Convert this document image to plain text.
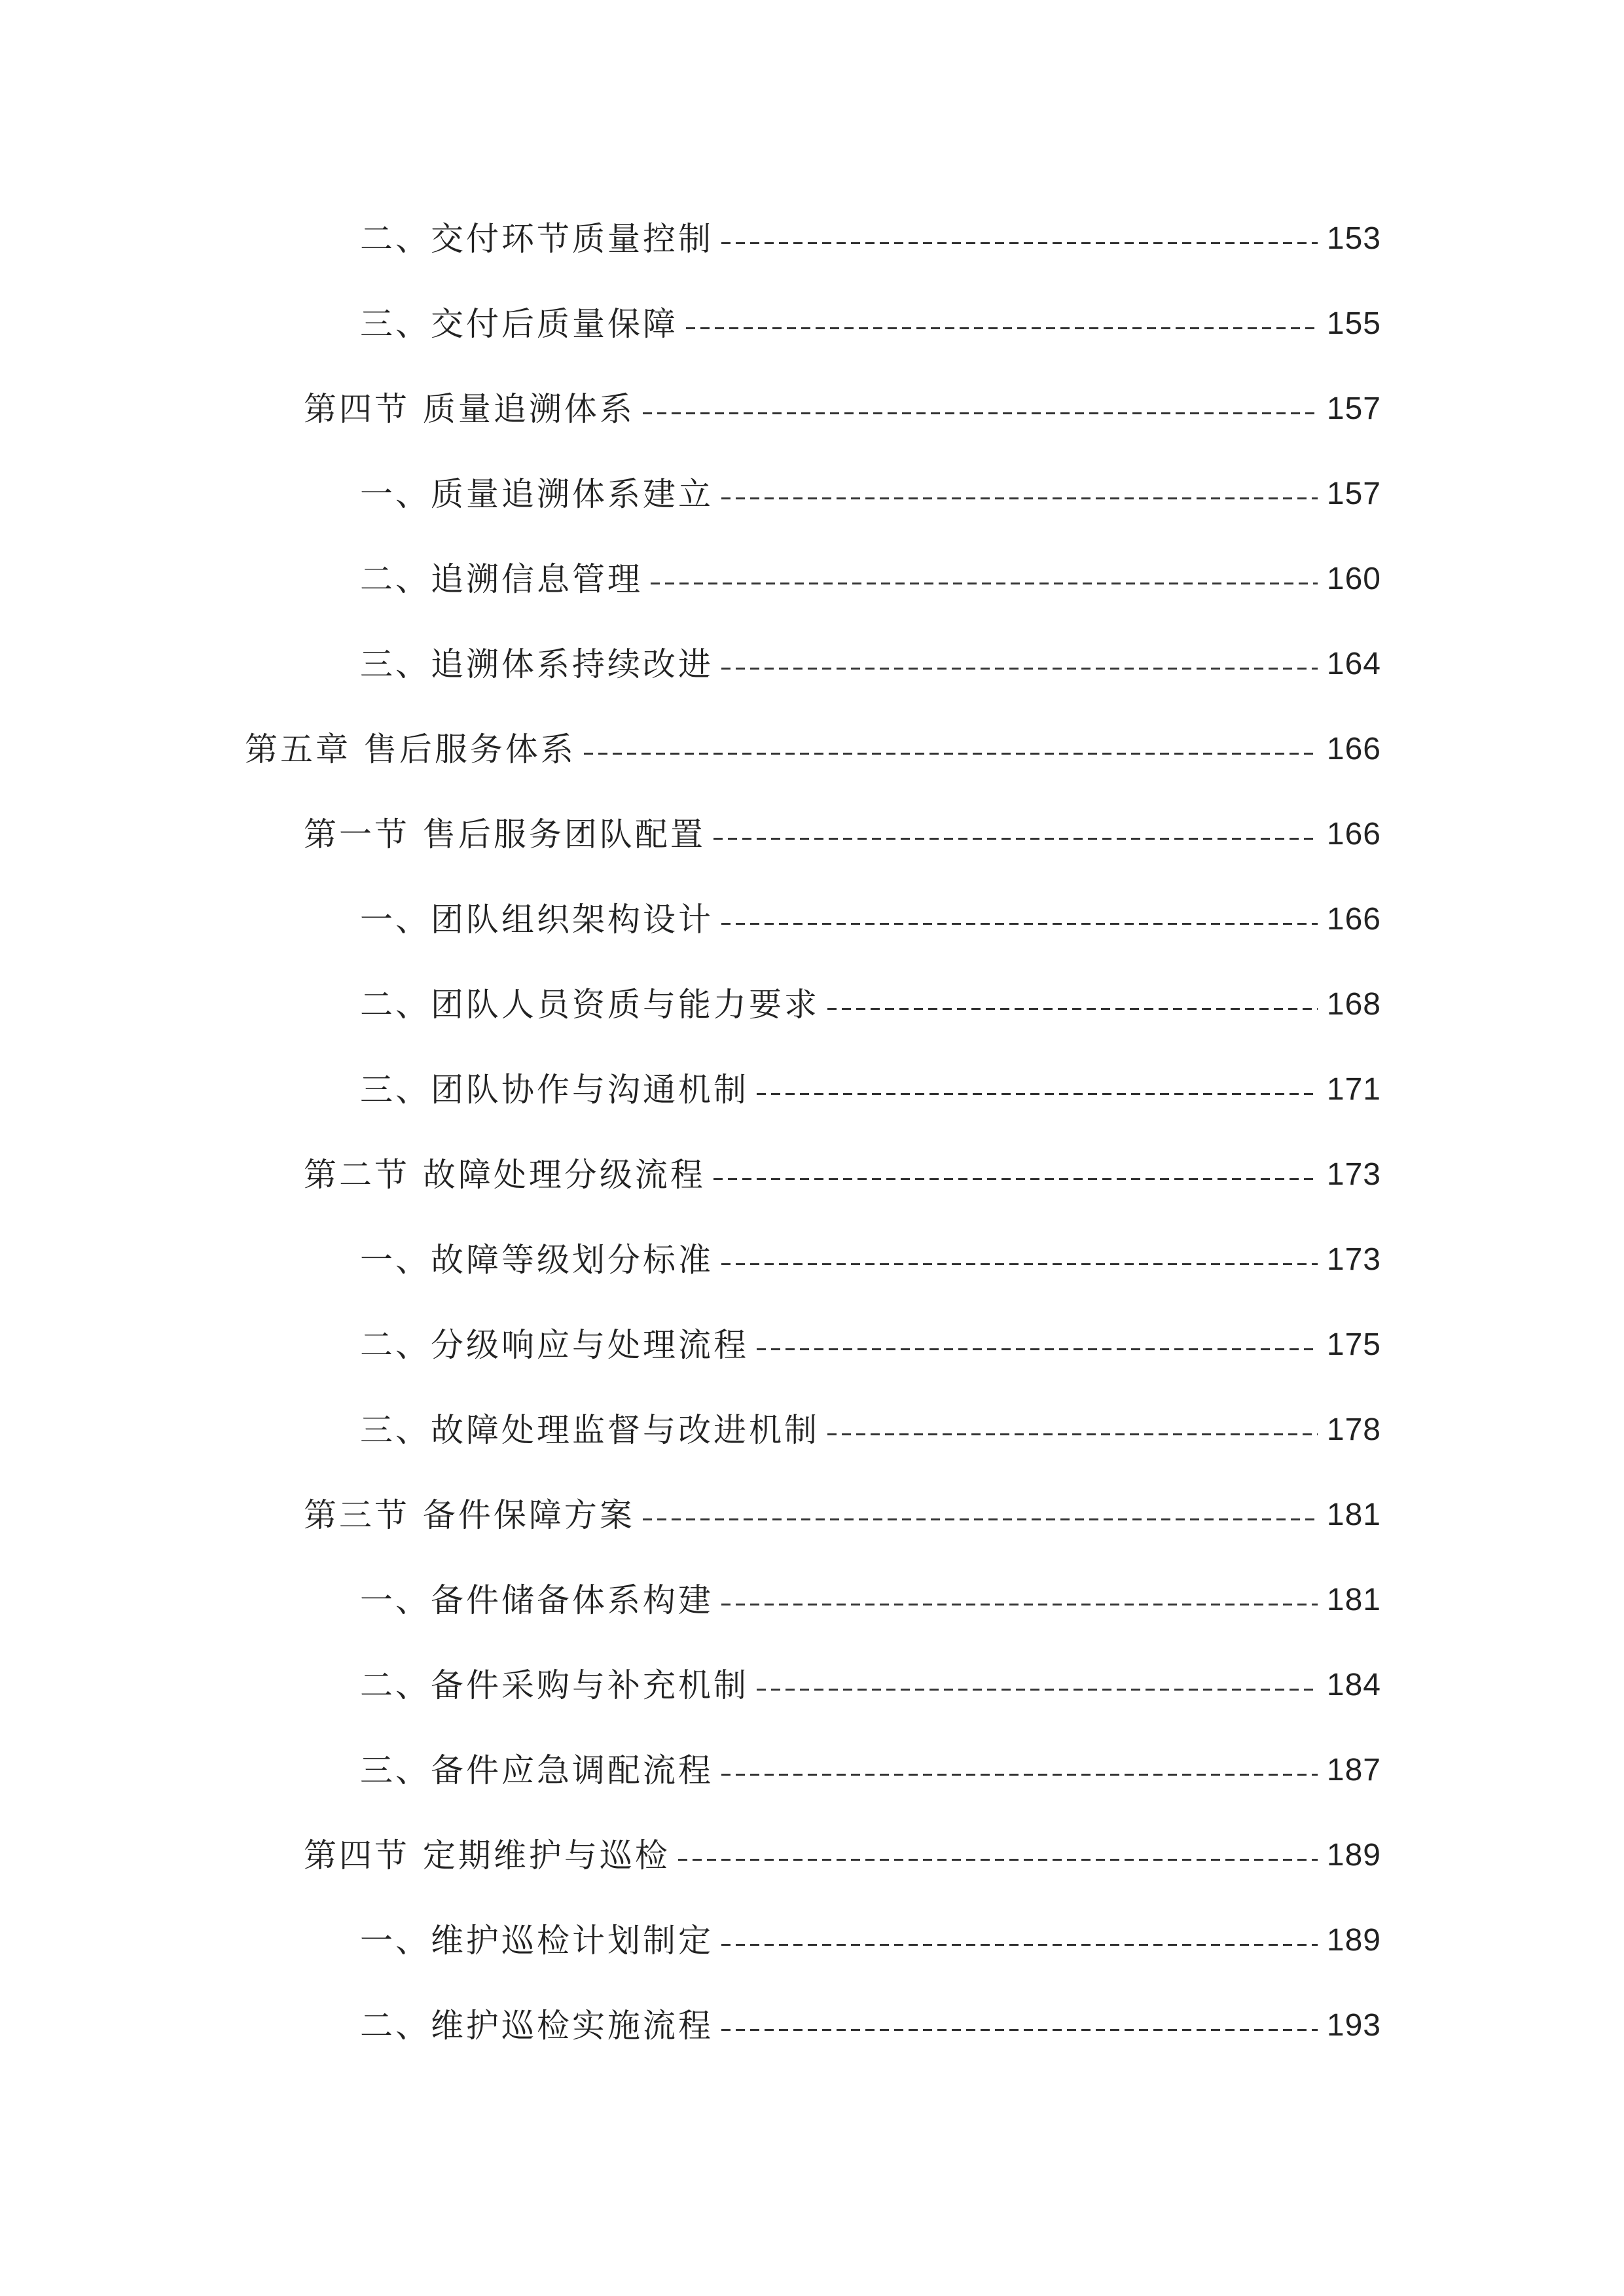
二、交付环节质量控制	153
三、交付后质量保障	155
第四节 质量追溯体系	157
一、质量追溯体系建立	157
二、追溯信息管理	160
三、追溯体系持续改进	164
第五章 售后服务体系	166
第一节 售后服务团队配置	166
一、团队组织架构设计	166
二、团队人员资质与能力要求	168
三、团队协作与沟通机制	171
第二节 故障处理分级流程	173
一、故障等级划分标准	173
二、分级响应与处理流程	175
三、故障处理监督与改进机制	178
第三节 备件保障方案	181
一、备件储备体系构建	181
二、备件采购与补充机制	184
三、备件应急调配流程	187
第四节 定期维护与巡检	189
一、维护巡检计划制定	189
二、维护巡检实施流程	193
